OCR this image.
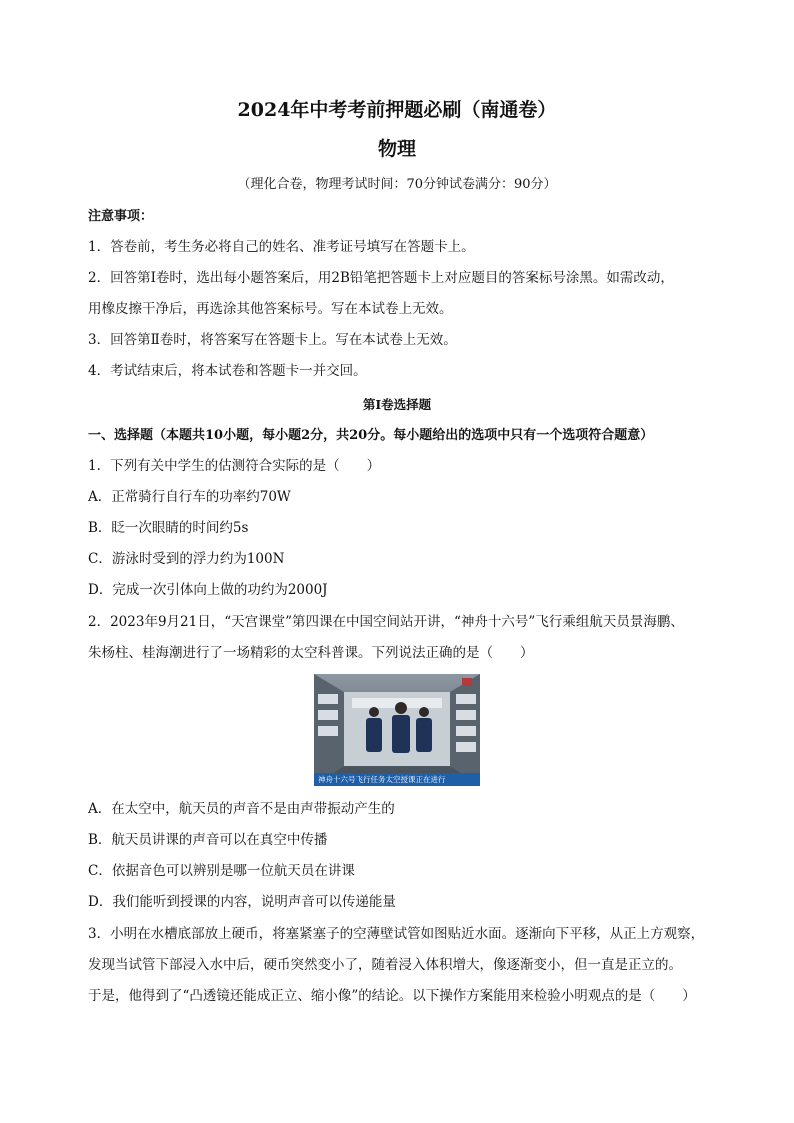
2024年中考考前押题必刷（南通卷）
物理
（理化合卷，物理考试时间：70分钟试卷满分：90分）
注意事项：
1．答卷前，考生务必将自己的姓名、准考证号填写在答题卡上。
2．回答第Ⅰ卷时，选出每小题答案后，用2B铅笔把答题卡上对应题目的答案标号涂黑。如需改动，
用橡皮擦干净后，再选涂其他答案标号。写在本试卷上无效。
3．回答第Ⅱ卷时，将答案写在答题卡上。写在本试卷上无效。
4．考试结束后，将本试卷和答题卡一并交回。
第Ⅰ卷选择题
一、选择题（本题共10小题，每小题2分，共20分。每小题给出的选项中只有一个选项符合题意）
1．下列有关中学生的估测符合实际的是（　　）
A．正常骑行自行车的功率约70W
B．眨一次眼睛的时间约5s
C．游泳时受到的浮力约为100N
D．完成一次引体向上做的功约为2000J
2．2023年9月21日，“天宫课堂”第四课在中国空间站开讲，“神舟十六号”飞行乘组航天员景海鹏、
朱杨柱、桂海潮进行了一场精彩的太空科普课。下列说法正确的是（　　）
神舟十六号飞行任务太空授课正在进行
A．在太空中，航天员的声音不是由声带振动产生的
B．航天员讲课的声音可以在真空中传播
C．依据音色可以辨别是哪一位航天员在讲课
D．我们能听到授课的内容，说明声音可以传递能量
3．小明在水槽底部放上硬币，将塞紧塞子的空薄壁试管如图贴近水面。逐渐向下平移，从正上方观察，
发现当试管下部浸入水中后，硬币突然变小了，随着浸入体积增大，像逐渐变小，但一直是正立的。
于是，他得到了“凸透镜还能成正立、缩小像”的结论。以下操作方案能用来检验小明观点的是（　　）
